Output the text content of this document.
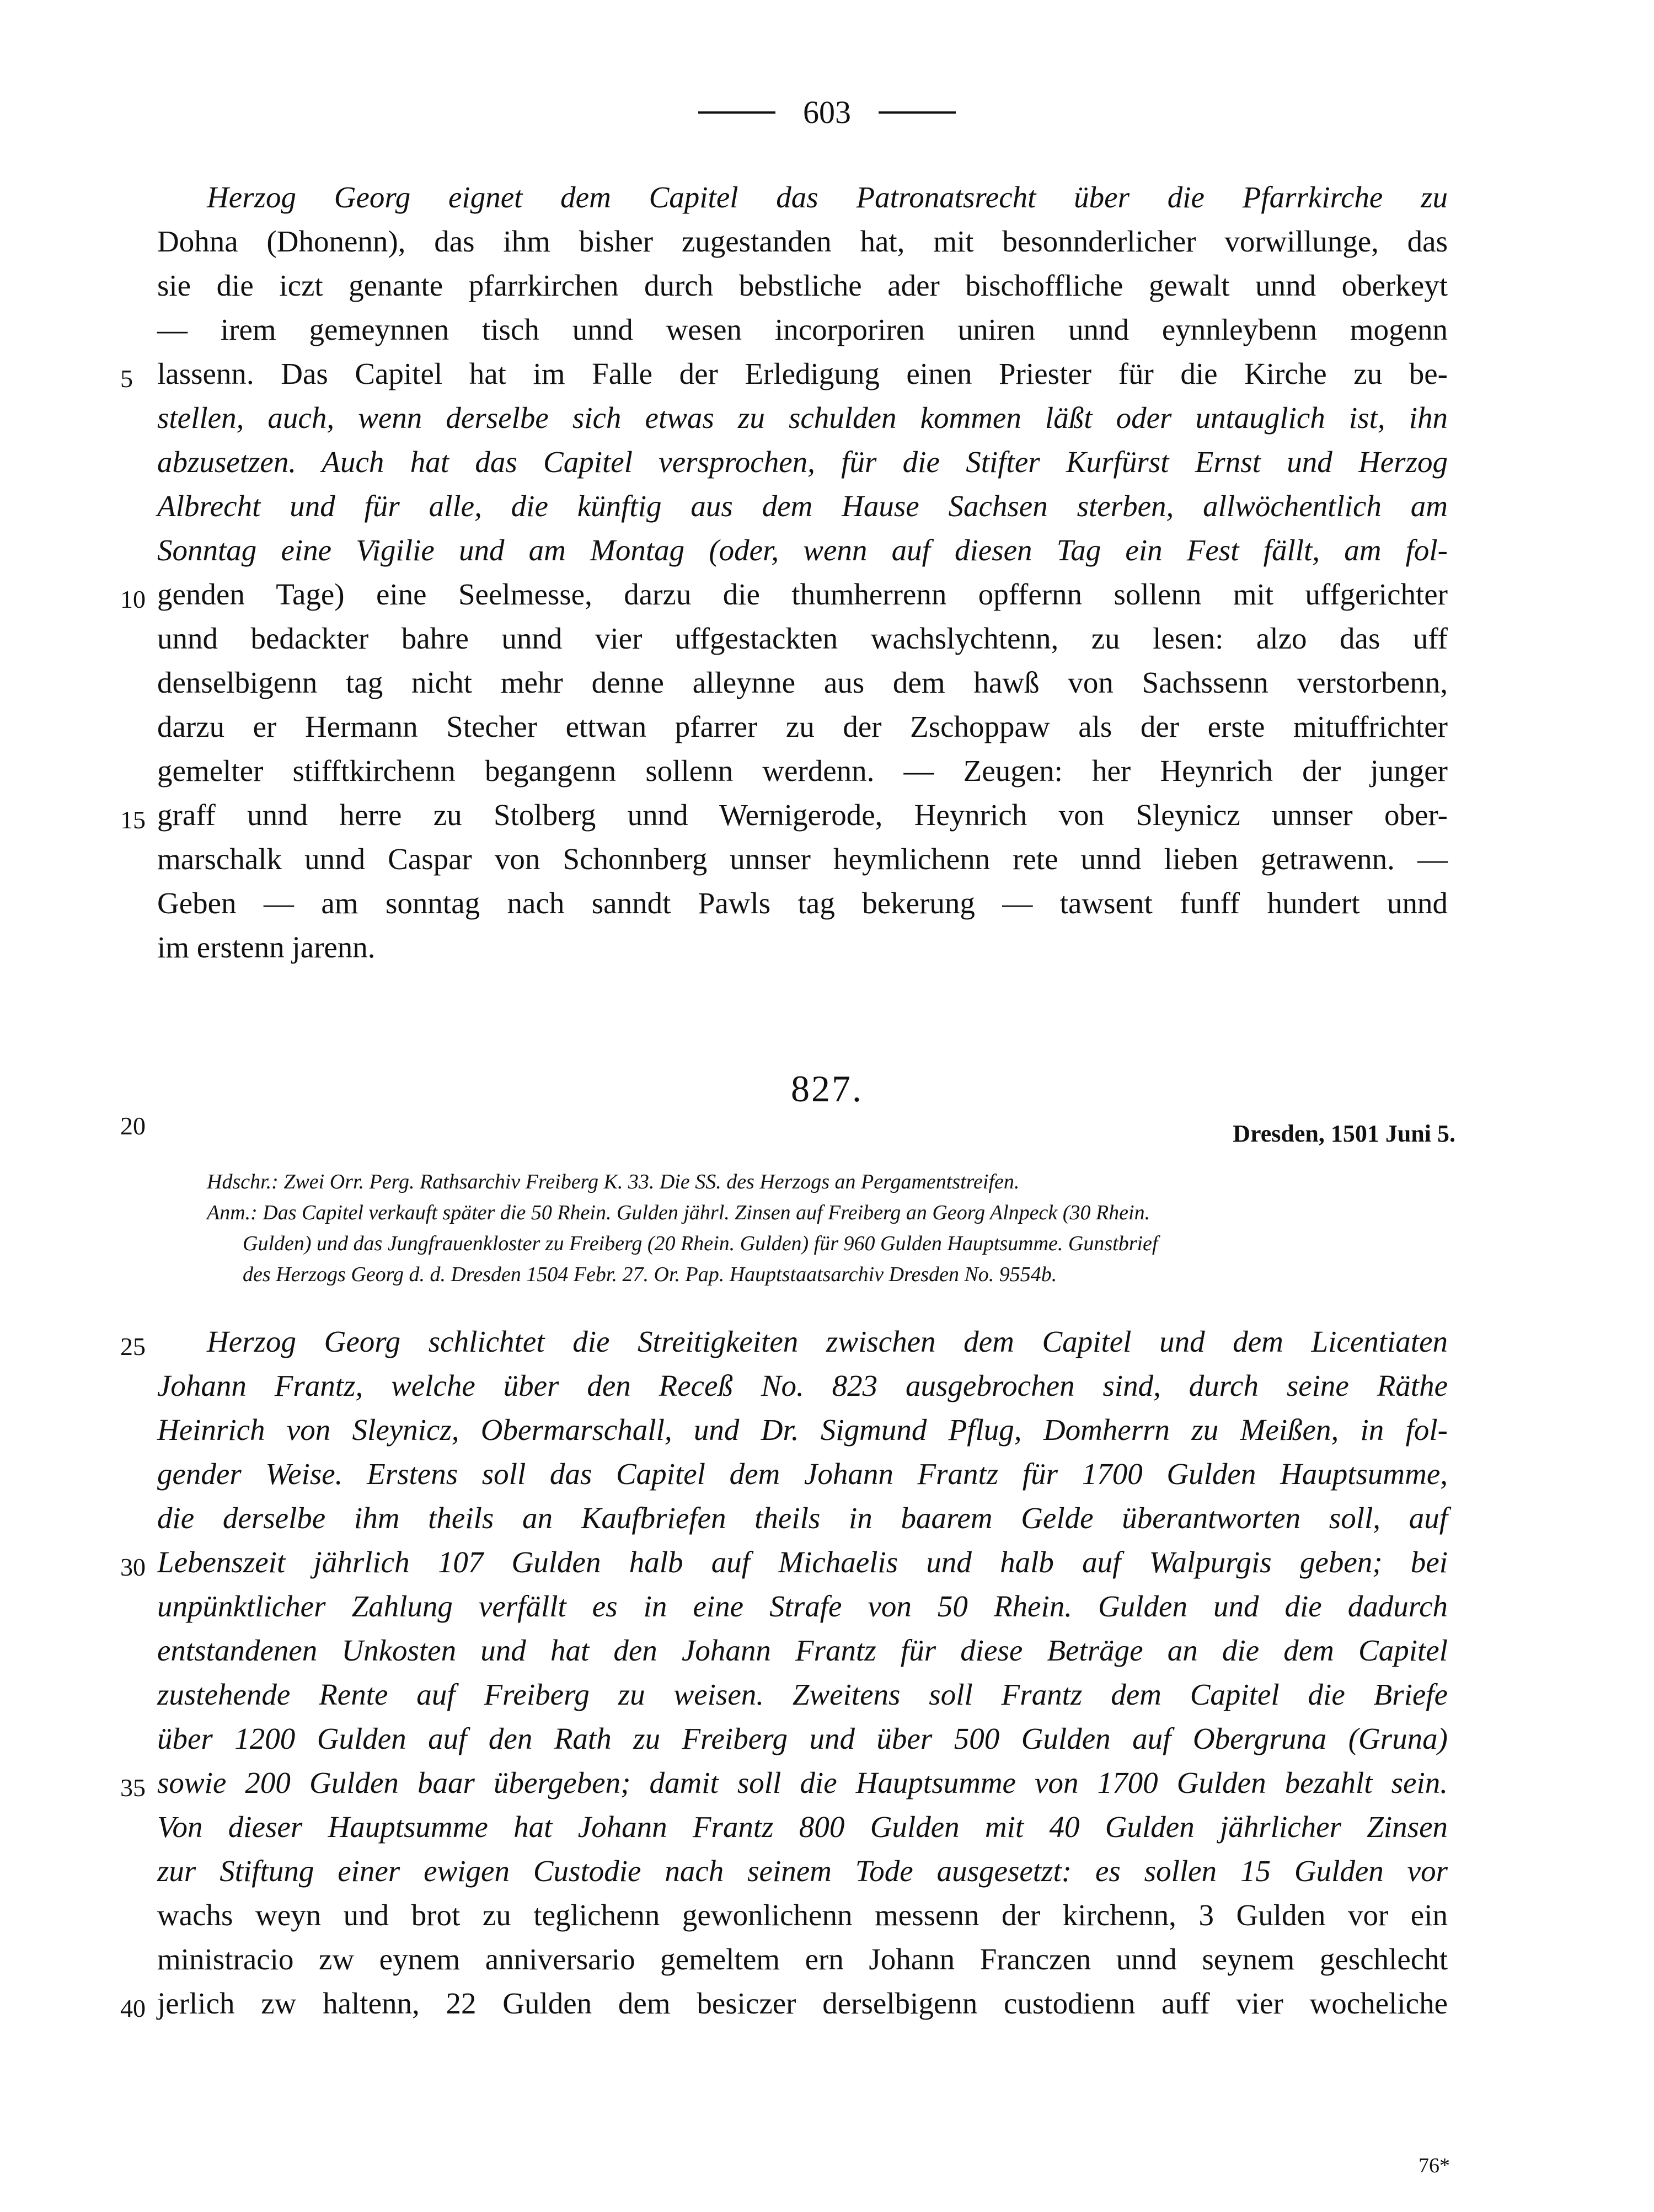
603
Herzog Georg eignet dem Capitel das Patronatsrecht über die Pfarrkirche zu
Dohna (Dhonenn), das ihm bisher zugestanden hat, mit besonnderlicher vorwillunge, das
sie die iczt genante pfarrkirchen durch bebstliche ader bischoffliche gewalt unnd oberkeyt
— irem gemeynnen tisch unnd wesen incorporiren uniren unnd eynnleybenn mogenn
lassenn. Das Capitel hat im Falle der Erledigung einen Priester für die Kirche zu be-
stellen, auch, wenn derselbe sich etwas zu schulden kommen läßt oder untauglich ist, ihn
abzusetzen. Auch hat das Capitel versprochen, für die Stifter Kurfürst Ernst und Herzog
Albrecht und für alle, die künftig aus dem Hause Sachsen sterben, allwöchentlich am
Sonntag eine Vigilie und am Montag (oder, wenn auf diesen Tag ein Fest fällt, am fol-
genden Tage) eine Seelmesse, darzu die thumherrenn opffernn sollenn mit uffgerichter
unnd bedackter bahre unnd vier uffgestackten wachslychtenn, zu lesen: alzo das uff
denselbigenn tag nicht mehr denne alleynne aus dem hawß von Sachssenn verstorbenn,
darzu er Hermann Stecher ettwan pfarrer zu der Zschoppaw als der erste mituffrichter
gemelter stifftkirchenn begangenn sollenn werdenn. — Zeugen: her Heynrich der junger
graff unnd herre zu Stolberg unnd Wernigerode, Heynrich von Sleynicz unnser ober-
marschalk unnd Caspar von Schonnberg unnser heymlichenn rete unnd lieben getrawenn. —
Geben — am sonntag nach sanndt Pawls tag bekerung — tawsent funff hundert unnd
im erstenn jarenn.
5
10
15
20
25
30
35
40
827.
Dresden, 1501 Juni 5.
Hdschr.: Zwei Orr. Perg. Rathsarchiv Freiberg K. 33. Die SS. des Herzogs an Pergamentstreifen.
Anm.: Das Capitel verkauft später die 50 Rhein. Gulden jährl. Zinsen auf Freiberg an Georg Alnpeck (30 Rhein.
Gulden) und das Jungfrauenkloster zu Freiberg (20 Rhein. Gulden) für 960 Gulden Hauptsumme. Gunstbrief
des Herzogs Georg d. d. Dresden 1504 Febr. 27. Or. Pap. Hauptstaatsarchiv Dresden No. 9554b.
Herzog Georg schlichtet die Streitigkeiten zwischen dem Capitel und dem Licentiaten
Johann Frantz, welche über den Receß No. 823 ausgebrochen sind, durch seine Räthe
Heinrich von Sleynicz, Obermarschall, und Dr. Sigmund Pflug, Domherrn zu Meißen, in fol-
gender Weise. Erstens soll das Capitel dem Johann Frantz für 1700 Gulden Hauptsumme,
die derselbe ihm theils an Kaufbriefen theils in baarem Gelde überantworten soll, auf
Lebenszeit jährlich 107 Gulden halb auf Michaelis und halb auf Walpurgis geben; bei
unpünktlicher Zahlung verfällt es in eine Strafe von 50 Rhein. Gulden und die dadurch
entstandenen Unkosten und hat den Johann Frantz für diese Beträge an die dem Capitel
zustehende Rente auf Freiberg zu weisen. Zweitens soll Frantz dem Capitel die Briefe
über 1200 Gulden auf den Rath zu Freiberg und über 500 Gulden auf Obergruna (Gruna)
sowie 200 Gulden baar übergeben; damit soll die Hauptsumme von 1700 Gulden bezahlt sein.
Von dieser Hauptsumme hat Johann Frantz 800 Gulden mit 40 Gulden jährlicher Zinsen
zur Stiftung einer ewigen Custodie nach seinem Tode ausgesetzt: es sollen 15 Gulden vor
wachs weyn und brot zu teglichenn gewonlichenn messenn der kirchenn, 3 Gulden vor ein
ministracio zw eynem anniversario gemeltem ern Johann Franczen unnd seynem geschlecht
jerlich zw haltenn, 22 Gulden dem besiczer derselbigenn custodienn auff vier wocheliche
76*
